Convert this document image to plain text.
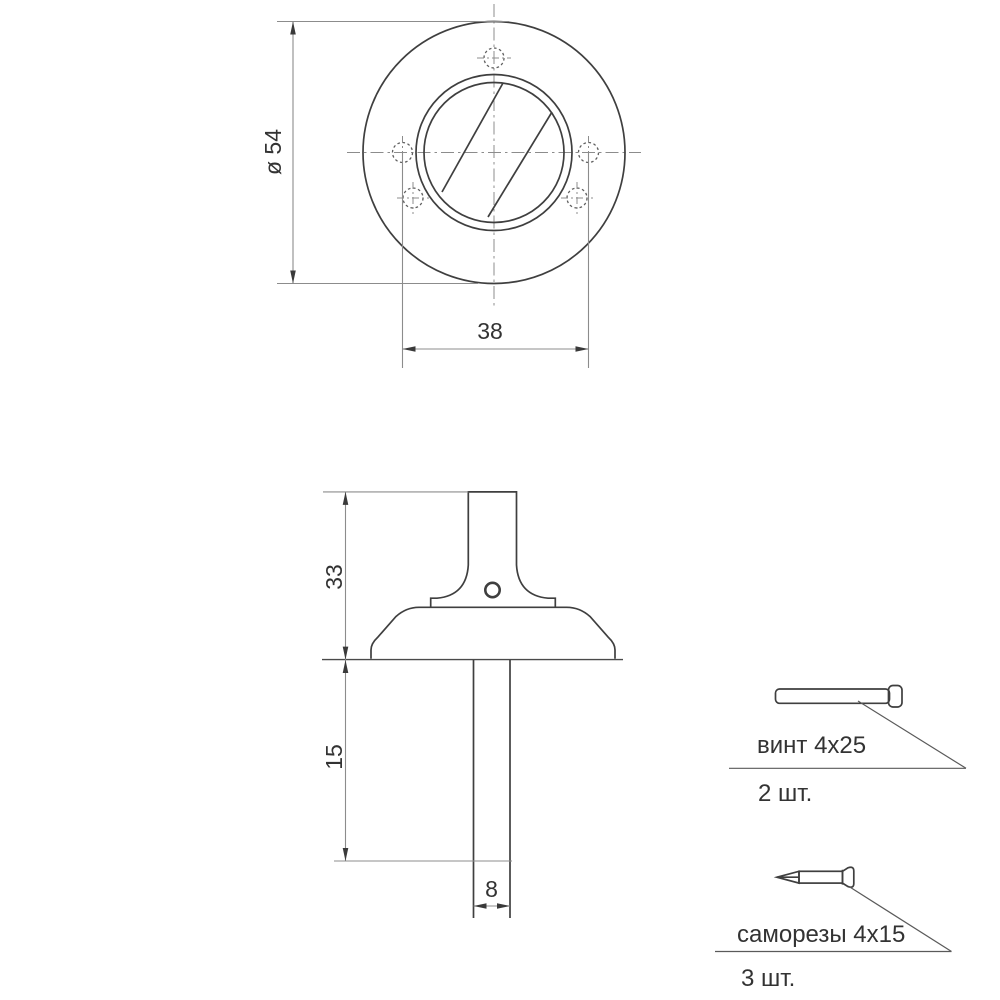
ø 54
38
33
15
8
винт 4x25
2 шт.
саморезы 4x15
3 шт.
